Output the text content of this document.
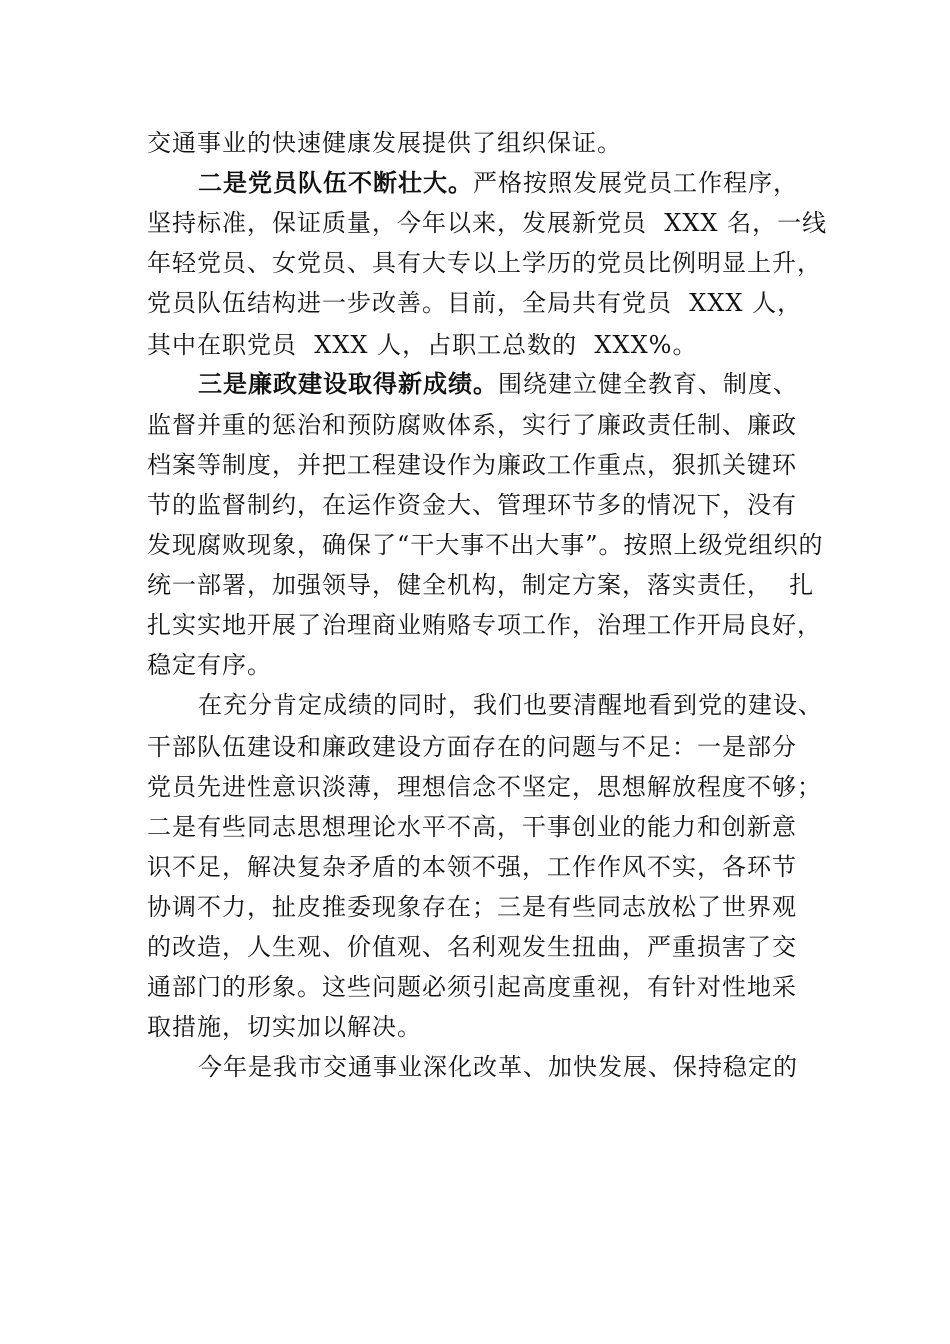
交通事业的快速健康发展提供了组织保证。
二是党员队伍不断壮大。严格按照发展党员工作程序，
坚持标准，保证质量，今年以来，发展新党员  XXX 名，一线
年轻党员、女党员、具有大专以上学历的党员比例明显上升，
党员队伍结构进一步改善。目前，全局共有党员  XXX 人，
其中在职党员  XXX 人，占职工总数的  XXX%。
三是廉政建设取得新成绩。围绕建立健全教育、制度、
监督并重的惩治和预防腐败体系，实行了廉政责任制、廉政
档案等制度，并把工程建设作为廉政工作重点，狠抓关键环
节的监督制约，在运作资金大、管理环节多的情况下，没有
发现腐败现象，确保了“干大事不出大事”。按照上级党组织的
统一部署，加强领导，健全机构，制定方案，落实责任，  扎
扎实实地开展了治理商业贿赂专项工作，治理工作开局良好，
稳定有序。
在充分肯定成绩的同时，我们也要清醒地看到党的建设、
干部队伍建设和廉政建设方面存在的问题与不足：一是部分
党员先进性意识淡薄，理想信念不坚定，思想解放程度不够；
二是有些同志思想理论水平不高，干事创业的能力和创新意
识不足，解决复杂矛盾的本领不强，工作作风不实，各环节
协调不力，扯皮推委现象存在；三是有些同志放松了世界观
的改造，人生观、价值观、名利观发生扭曲，严重损害了交
通部门的形象。这些问题必须引起高度重视，有针对性地采
取措施，切实加以解决。
今年是我市交通事业深化改革、加快发展、保持稳定的
